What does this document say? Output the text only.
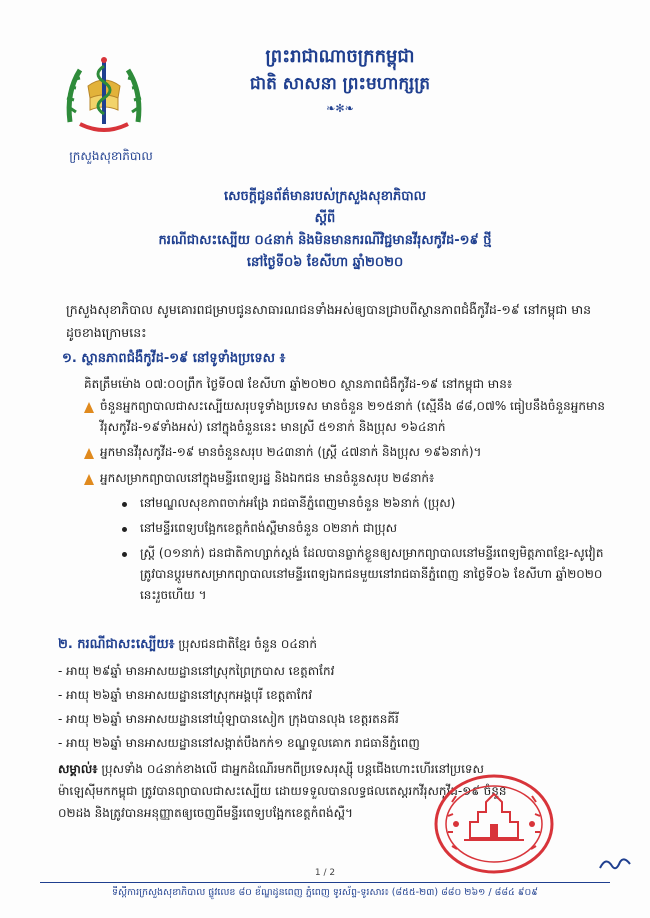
ក្រសួងសុខាភិបាល
ព្រះរាជាណាចក្រកម្ពុជា
ជាតិ សាសនា ព្រះមហាក្សត្រ
❧✻❧
សេចក្តីជូនព័ត៌មានរបស់ក្រសួងសុខាភិបាល
ស្តីពី
ករណីជាសះស្បើយ ០៤នាក់ និងមិនមានករណីវិជ្ជមានវីរុសកូវីដ-១៩ ថ្មី
នៅថ្ងៃទី០៦ ខែសីហា ឆ្នាំ២០២០
ក្រសួងសុខាភិបាល សូមគោរពជម្រាបជូនសាធារណជនទាំងអស់ឲ្យបានជ្រាបពីស្ថានភាពជំងឺកូវីដ-១៩ នៅកម្ពុជា មានដូចខាងក្រោមនេះ
១. ស្ថានភាពជំងឺកូវីដ-១៩ នៅទូទាំងប្រទេស ៖
គិតត្រឹមម៉ោង ០៧:០០ព្រឹក ថ្ងៃទី០៧ ខែសីហា ឆ្នាំ២០២០ ស្ថានភាពជំងឺកូវីដ-១៩ នៅកម្ពុជា មាន៖
ចំនួនអ្នកព្យាបាលជាសះស្បើយសរុបទូទាំងប្រទេស មានចំនួន ២១៥នាក់ (ស្មើនឹង ៨៨,០៧% ធៀបនឹងចំនួនអ្នកមានវីរុសកូវីដ-១៩ទាំងអស់) នៅក្នុងចំនួននេះ មានស្រី ៥១នាក់ និងប្រុស ១៦៤នាក់
អ្នកមានវីរុសកូវីដ-១៩ មានចំនួនសរុប ២៤៣នាក់ (ស្រ្តី ៤៧នាក់ និងប្រុស ១៩៦នាក់)។
អ្នកសម្រាកព្យាបាលនៅក្នុងមន្ទីរពេទ្យរដ្ឋ និងឯកជន មានចំនួនសរុប ២៨នាក់៖
នៅមណ្ឌលសុខភាពចាក់អង្រែ រាជធានីភ្នំពេញមានចំនួន ២៦នាក់ (ប្រុស)
នៅមន្ទីរពេទ្យបង្អែកខេត្តកំពង់ស្ពឺមានចំនួន ០២នាក់ ជាប្រុស
ស្ត្រី (០១នាក់) ជនជាតិកាហ្សាក់ស្តង់ ដែលបានធ្លាក់ខ្លួនឲ្យសម្រាកព្យាបាលនៅមន្ទីរពេទ្យមិត្តភាពខ្មែរ-សូវៀត ត្រូវបានប្តូរមកសម្រាកព្យាបាលនៅមន្ទីរពេទ្យឯកជនមួយនៅរាជធានីភ្នំពេញ នាថ្ងៃទី០៦ ខែសីហា ឆ្នាំ២០២០ នេះរួចហើយ ។
២. ករណីជាសះស្បើយ៖ ប្រុសជនជាតិខ្មែរ ចំនួន ០៤នាក់
- អាយុ ២៩ឆ្នាំ មានអាសយដ្ឋាននៅស្រុកព្រៃក្របាស ខេត្តតាកែវ
- អាយុ ២៦ឆ្នាំ មានអាសយដ្ឋាននៅស្រុកអង្គបុរី ខេត្តតាកែវ
- អាយុ ២៦ឆ្នាំ មានអាសយដ្ឋាននៅឃុំឡាបានសៀក ក្រុងបានលុង ខេត្តរតនគីរី
- អាយុ ២៦ឆ្នាំ មានអាសយដ្ឋាននៅសង្កាត់បឹងកក់១ ខណ្ឌទួលគោក រាជធានីភ្នំពេញ
សម្គាល់៖ ប្រុសទាំង ០៤នាក់ខាងលើ ជាអ្នកដំណើរមកពីប្រទេសរុស្ស៊ី បន្តជើងហោះហើរនៅប្រទេសម៉ាឡេស៊ីមកកម្ពុជា ត្រូវបានព្យាបាលជាសះស្បើយ ដោយទទួលបានលទ្ធផលតេស្តរកវីរុសកូវីដ-១៩ ចំនួន ០២ដង និងត្រូវបានអនុញ្ញាតឲ្យចេញពីមន្ទីរពេទ្យបង្អែកខេត្តកំពង់ស្ពឺ។
1 / 2
ទីស្តីការក្រសួងសុខាភិបាល ផ្លូវលេខ ៨០ ខ័ណ្ឌដូនពេញ ភ្នំពេញ ទូរស័ព្ទ-ទូរសារ៖ (៨៥៥-២៣) ៨៨០ ២៦១ / ៨៨៤ ៩០៩
